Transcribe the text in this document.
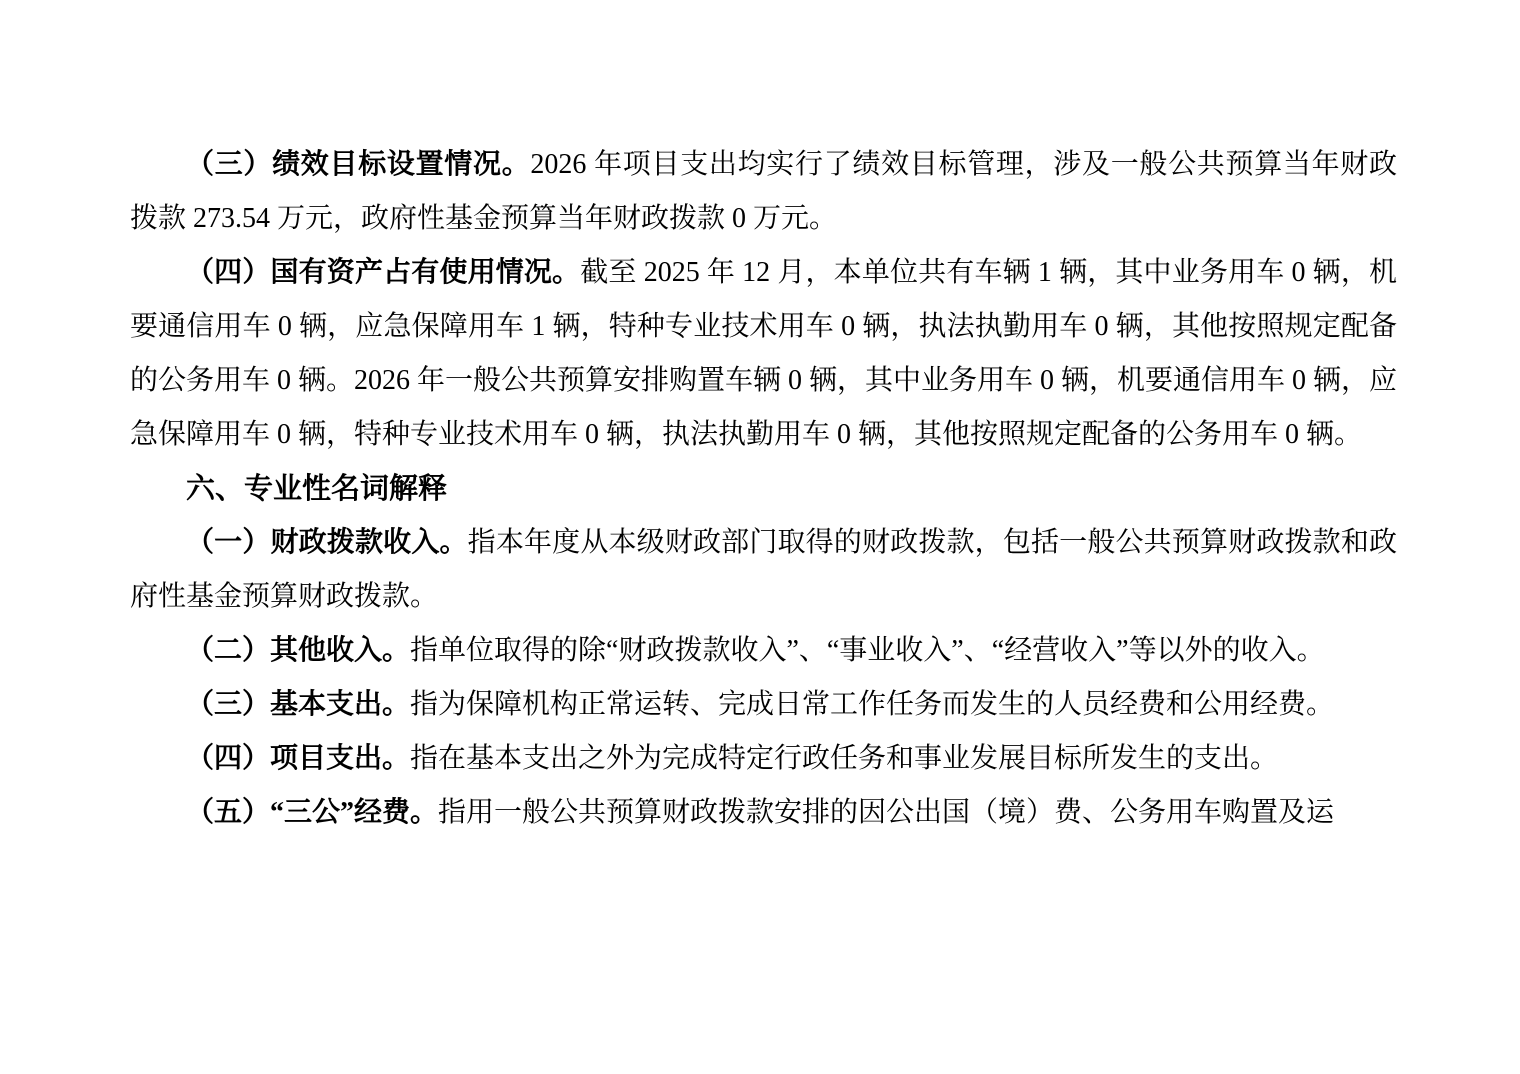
（三）绩效目标设置情况。2026 年项目支出均实行了绩效目标管理，涉及一般公共预算当年财政拨款 273.54 万元，政府性基金预算当年财政拨款 0 万元。

（四）国有资产占有使用情况。截至 2025 年 12 月，本单位共有车辆 1 辆，其中业务用车 0 辆，机要通信用车 0 辆，应急保障用车 1 辆，特种专业技术用车 0 辆，执法执勤用车 0 辆，其他按照规定配备的公务用车 0 辆。2026 年一般公共预算安排购置车辆 0 辆，其中业务用车 0 辆，机要通信用车 0 辆，应急保障用车 0 辆，特种专业技术用车 0 辆，执法执勤用车 0 辆，其他按照规定配备的公务用车 0 辆。

六、专业性名词解释

（一）财政拨款收入。指本年度从本级财政部门取得的财政拨款，包括一般公共预算财政拨款和政府性基金预算财政拨款。

（二）其他收入。指单位取得的除“财政拨款收入”、“事业收入”、“经营收入”等以外的收入。

（三）基本支出。指为保障机构正常运转、完成日常工作任务而发生的人员经费和公用经费。

（四）项目支出。指在基本支出之外为完成特定行政任务和事业发展目标所发生的支出。

（五）“三公”经费。指用一般公共预算财政拨款安排的因公出国（境）费、公务用车购置及运
